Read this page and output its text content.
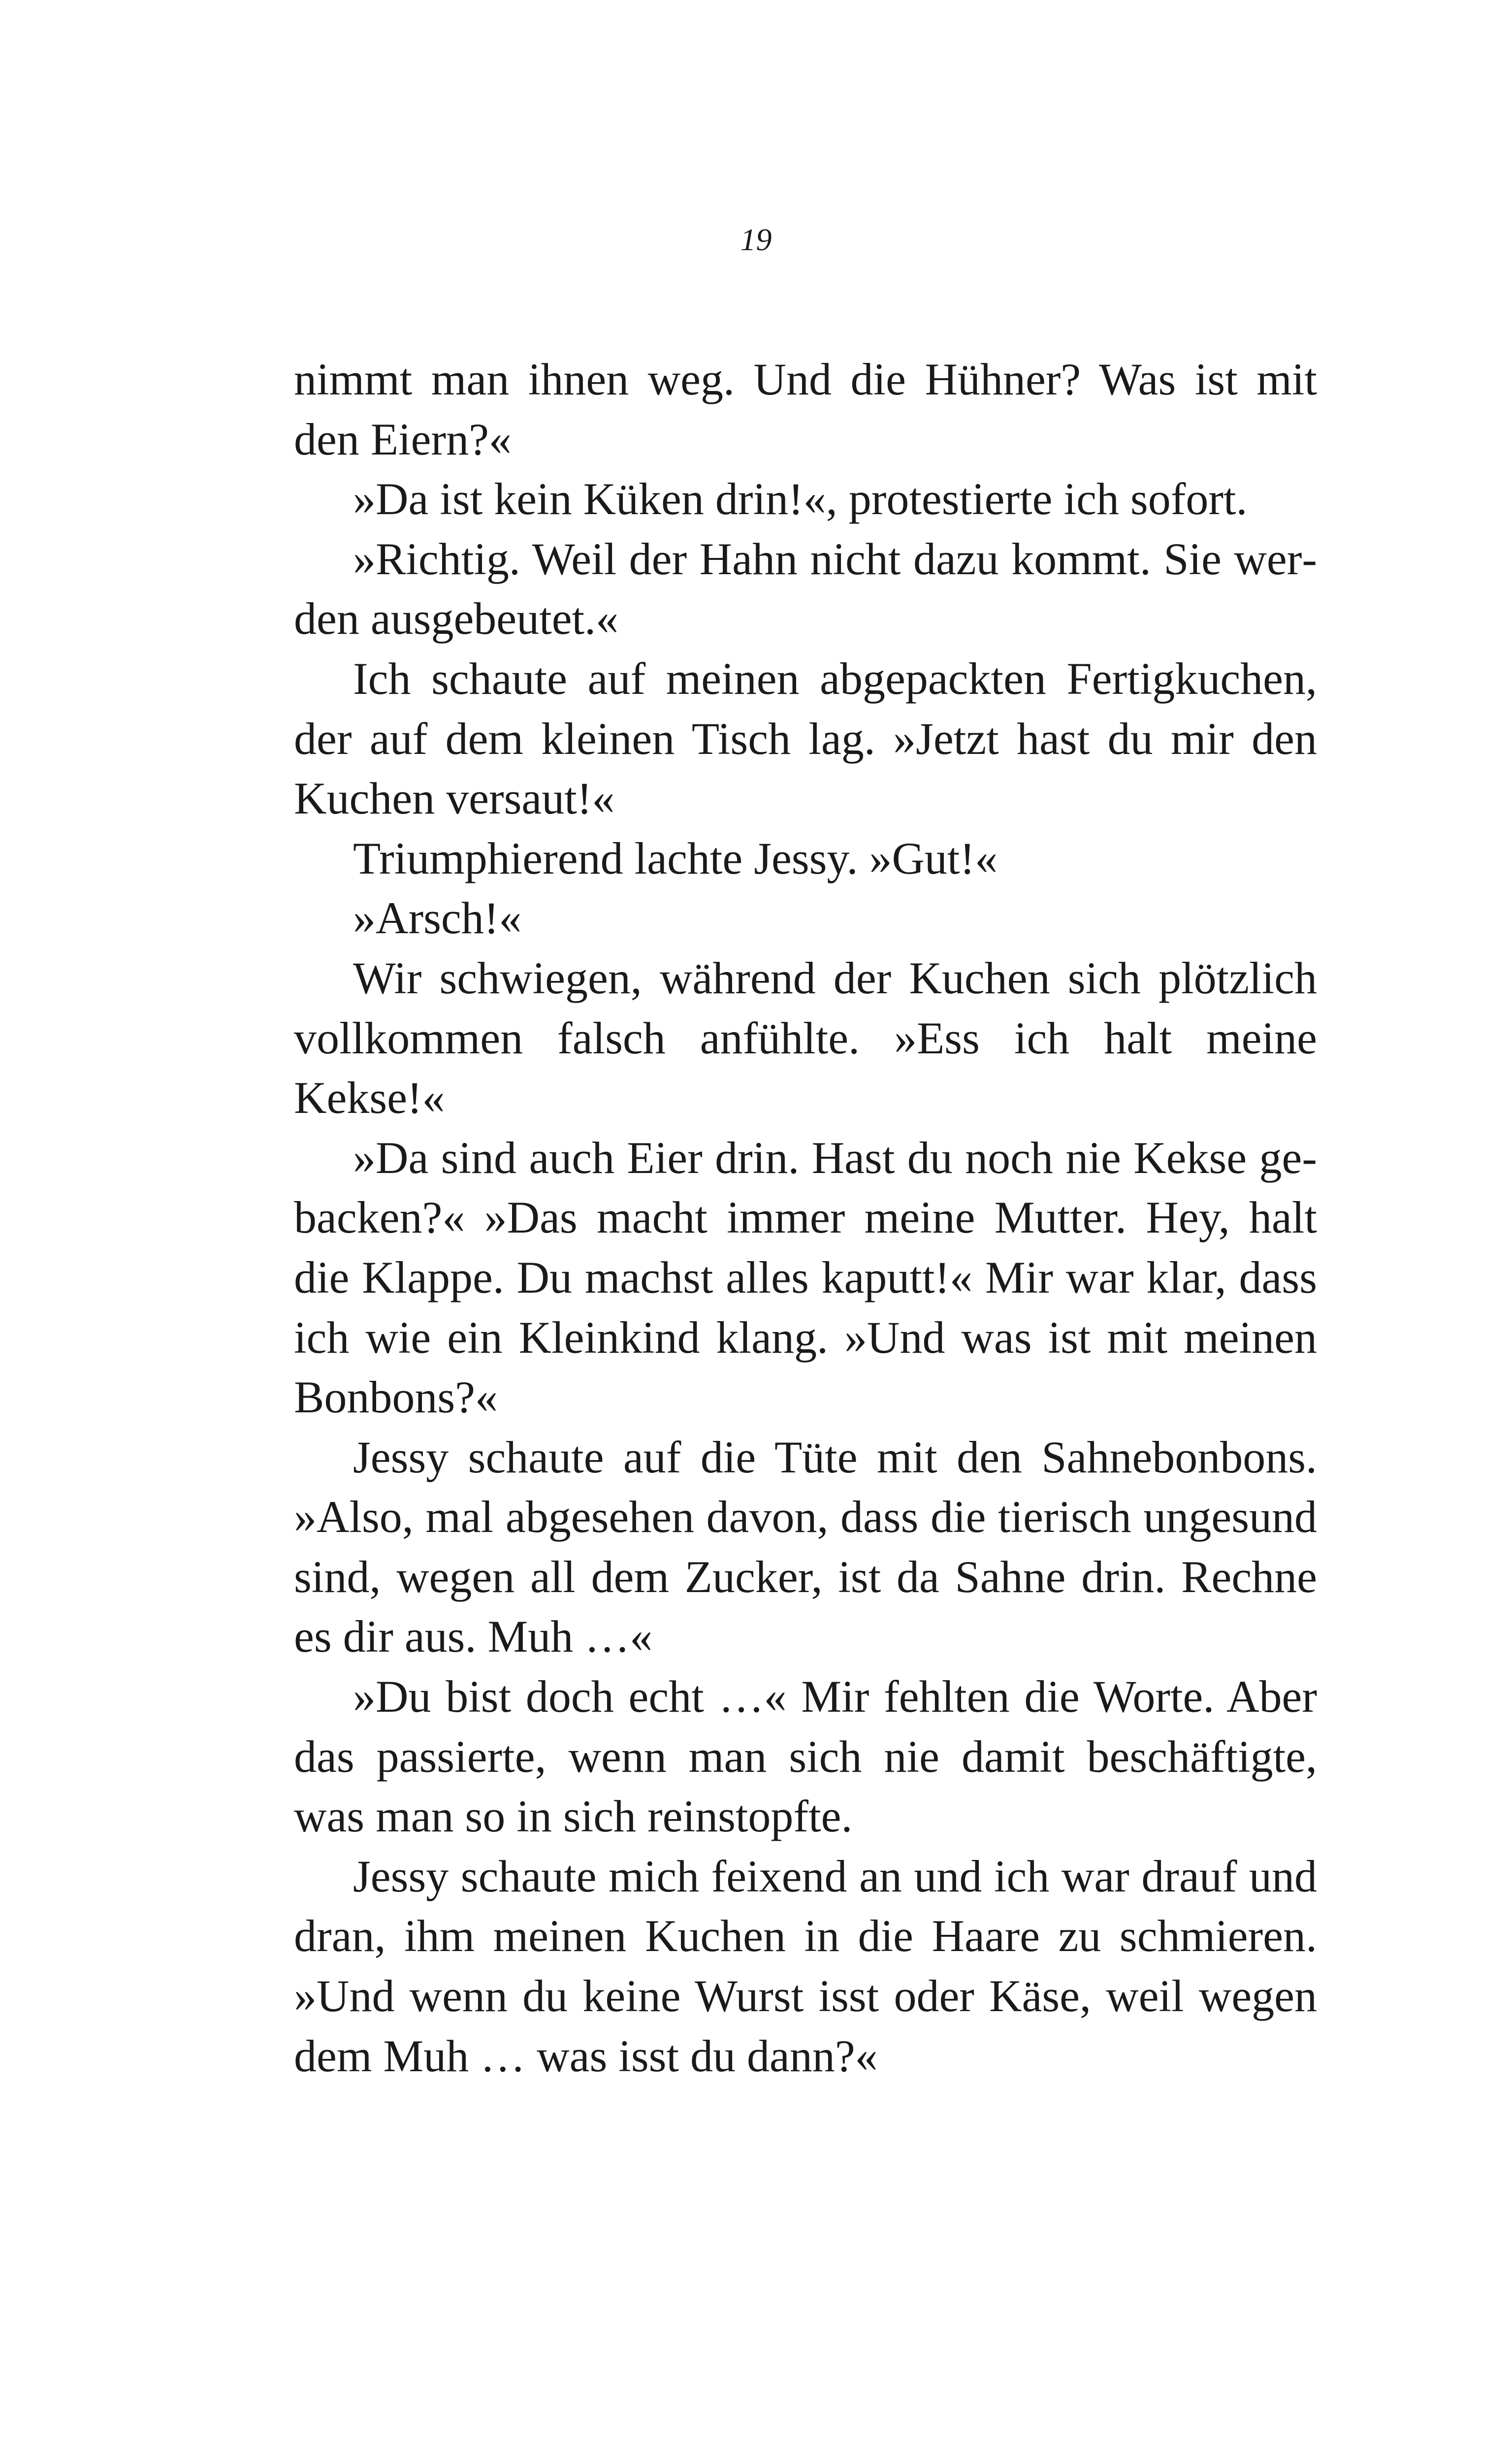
19

nimmt man ihnen weg. Und die Hühner? Was ist mit den Eiern?«

»Da ist kein Küken drin!«, protestierte ich sofort.

»Richtig. Weil der Hahn nicht dazu kommt. Sie werden ausgebeutet.«

Ich schaute auf meinen abgepackten Fertigkuchen, der auf dem kleinen Tisch lag. »Jetzt hast du mir den Kuchen versaut!«

Triumphierend lachte Jessy. »Gut!«

»Arsch!«

Wir schwiegen, während der Kuchen sich plötzlich vollkommen falsch anfühlte. »Ess ich halt meine Kekse!«

»Da sind auch Eier drin. Hast du noch nie Kekse gebacken?« »Das macht immer meine Mutter. Hey, halt die Klappe. Du machst alles kaputt!« Mir war klar, dass ich wie ein Kleinkind klang. »Und was ist mit meinen Bonbons?«

Jessy schaute auf die Tüte mit den Sahnebonbons. »Also, mal abgesehen davon, dass die tierisch ungesund sind, wegen all dem Zucker, ist da Sahne drin. Rechne es dir aus. Muh …«

»Du bist doch echt …« Mir fehlten die Worte. Aber das passierte, wenn man sich nie damit beschäftigte, was man so in sich reinstopfte.

Jessy schaute mich feixend an und ich war drauf und dran, ihm meinen Kuchen in die Haare zu schmieren. »Und wenn du keine Wurst isst oder Käse, weil wegen dem Muh … was isst du dann?«
